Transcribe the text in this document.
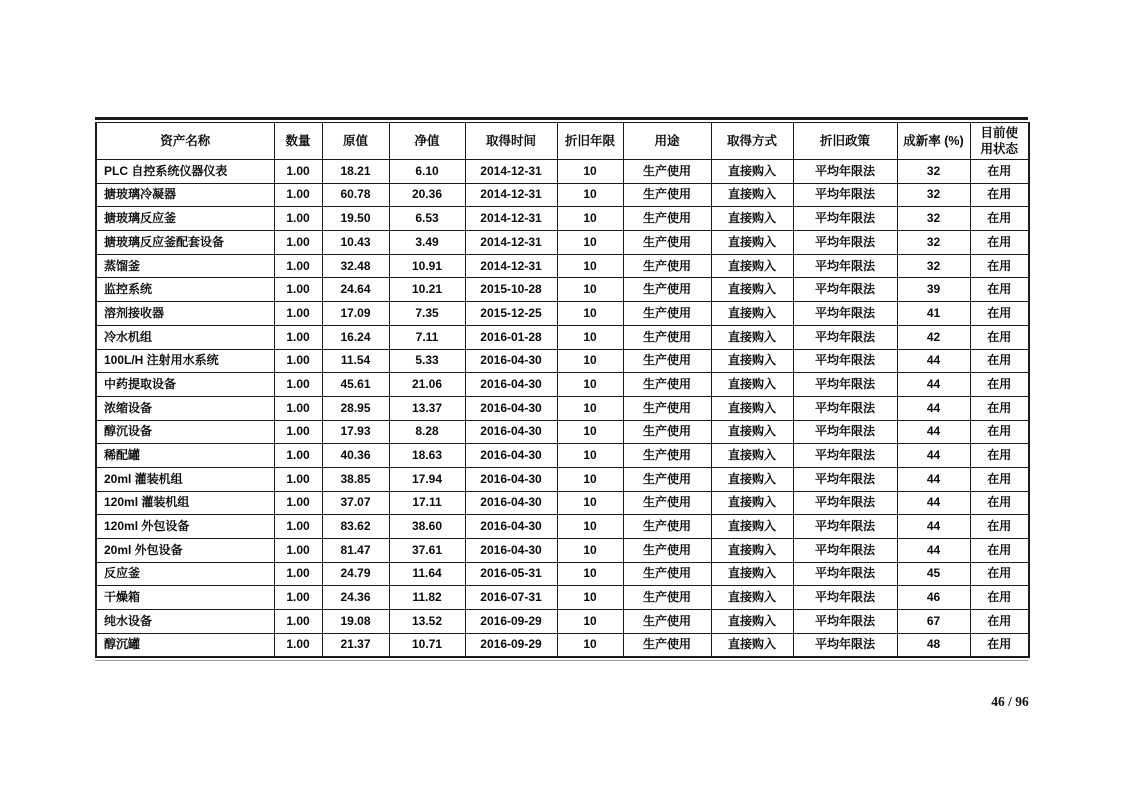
资产名称	数量	原值	净值	取得时间	折旧年限	用途	取得方式	折旧政策	成新率 (%)	目前使用状态
PLC 自控系统仪器仪表	1.00	18.21	6.10	2014-12-31	10	生产使用	直接购入	平均年限法	32	在用
搪玻璃冷凝器	1.00	60.78	20.36	2014-12-31	10	生产使用	直接购入	平均年限法	32	在用
搪玻璃反应釜	1.00	19.50	6.53	2014-12-31	10	生产使用	直接购入	平均年限法	32	在用
搪玻璃反应釜配套设备	1.00	10.43	3.49	2014-12-31	10	生产使用	直接购入	平均年限法	32	在用
蒸馏釜	1.00	32.48	10.91	2014-12-31	10	生产使用	直接购入	平均年限法	32	在用
监控系统	1.00	24.64	10.21	2015-10-28	10	生产使用	直接购入	平均年限法	39	在用
溶剂接收器	1.00	17.09	7.35	2015-12-25	10	生产使用	直接购入	平均年限法	41	在用
冷水机组	1.00	16.24	7.11	2016-01-28	10	生产使用	直接购入	平均年限法	42	在用
100L/H 注射用水系统	1.00	11.54	5.33	2016-04-30	10	生产使用	直接购入	平均年限法	44	在用
中药提取设备	1.00	45.61	21.06	2016-04-30	10	生产使用	直接购入	平均年限法	44	在用
浓缩设备	1.00	28.95	13.37	2016-04-30	10	生产使用	直接购入	平均年限法	44	在用
醇沉设备	1.00	17.93	8.28	2016-04-30	10	生产使用	直接购入	平均年限法	44	在用
稀配罐	1.00	40.36	18.63	2016-04-30	10	生产使用	直接购入	平均年限法	44	在用
20ml 灌装机组	1.00	38.85	17.94	2016-04-30	10	生产使用	直接购入	平均年限法	44	在用
120ml 灌装机组	1.00	37.07	17.11	2016-04-30	10	生产使用	直接购入	平均年限法	44	在用
120ml 外包设备	1.00	83.62	38.60	2016-04-30	10	生产使用	直接购入	平均年限法	44	在用
20ml 外包设备	1.00	81.47	37.61	2016-04-30	10	生产使用	直接购入	平均年限法	44	在用
反应釜	1.00	24.79	11.64	2016-05-31	10	生产使用	直接购入	平均年限法	45	在用
干燥箱	1.00	24.36	11.82	2016-07-31	10	生产使用	直接购入	平均年限法	46	在用
纯水设备	1.00	19.08	13.52	2016-09-29	10	生产使用	直接购入	平均年限法	67	在用
醇沉罐	1.00	21.37	10.71	2016-09-29	10	生产使用	直接购入	平均年限法	48	在用
46 / 96
